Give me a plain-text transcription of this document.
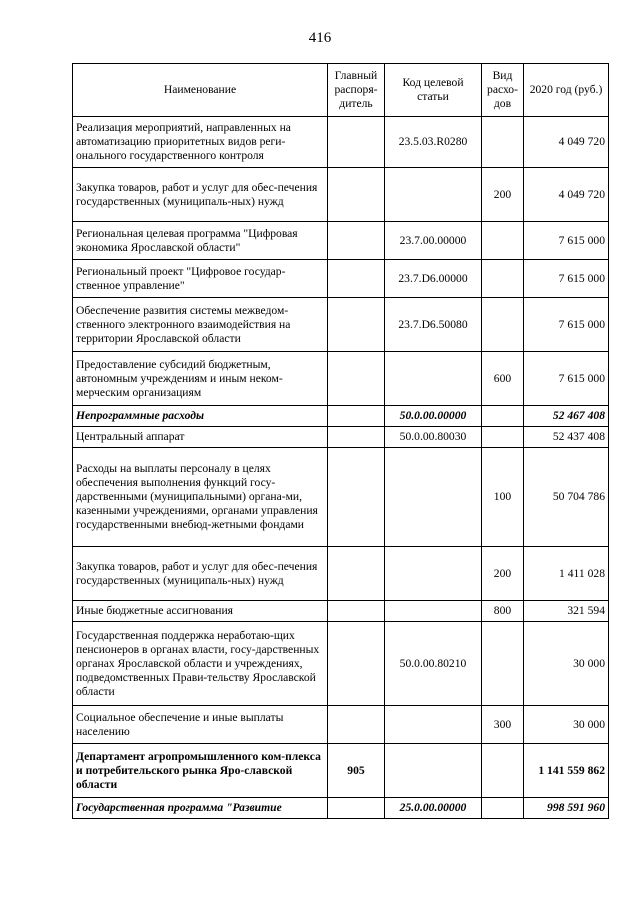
416
Наименование	Главный распоря-дитель	Код целевой статьи	Вид расхо-дов	2020 год (руб.)
Реализация мероприятий, направленных на автоматизацию приоритетных видов реги-онального государственного контроля		23.5.03.R0280		4 049 720
Закупка товаров, работ и услуг для обес-печения государственных (муниципаль-ных) нужд			200	4 049 720
Региональная целевая программа "Цифровая экономика Ярославской области"		23.7.00.00000		7 615 000
Региональный проект "Цифровое государ-ственное управление"		23.7.D6.00000		7 615 000
Обеспечение развития системы межведом-ственного электронного взаимодействия на территории Ярославской области		23.7.D6.50080		7 615 000
Предоставление субсидий бюджетным, автономным учреждениям и иным неком-мерческим организациям			600	7 615 000
Непрограммные расходы		50.0.00.00000		52 467 408
Центральный аппарат		50.0.00.80030		52 437 408
Расходы на выплаты персоналу в целях обеспечения выполнения функций госу-дарственными (муниципальными) органа-ми, казенными учреждениями, органами управления государственными внебюд-жетными фондами			100	50 704 786
Закупка товаров, работ и услуг для обес-печения государственных (муниципаль-ных) нужд			200	1 411 028
Иные бюджетные ассигнования			800	321 594
Государственная поддержка неработаю-щих пенсионеров в органах власти, госу-дарственных органах Ярославской области и учреждениях, подведомственных Прави-тельству Ярославской области		50.0.00.80210		30 000
Социальное обеспечение и иные выплаты населению			300	30 000
Департамент агропромышленного ком-плекса и потребительского рынка Яро-славской области	905			1 141 559 862
Государственная программа "Развитие		25.0.00.00000		998 591 960
